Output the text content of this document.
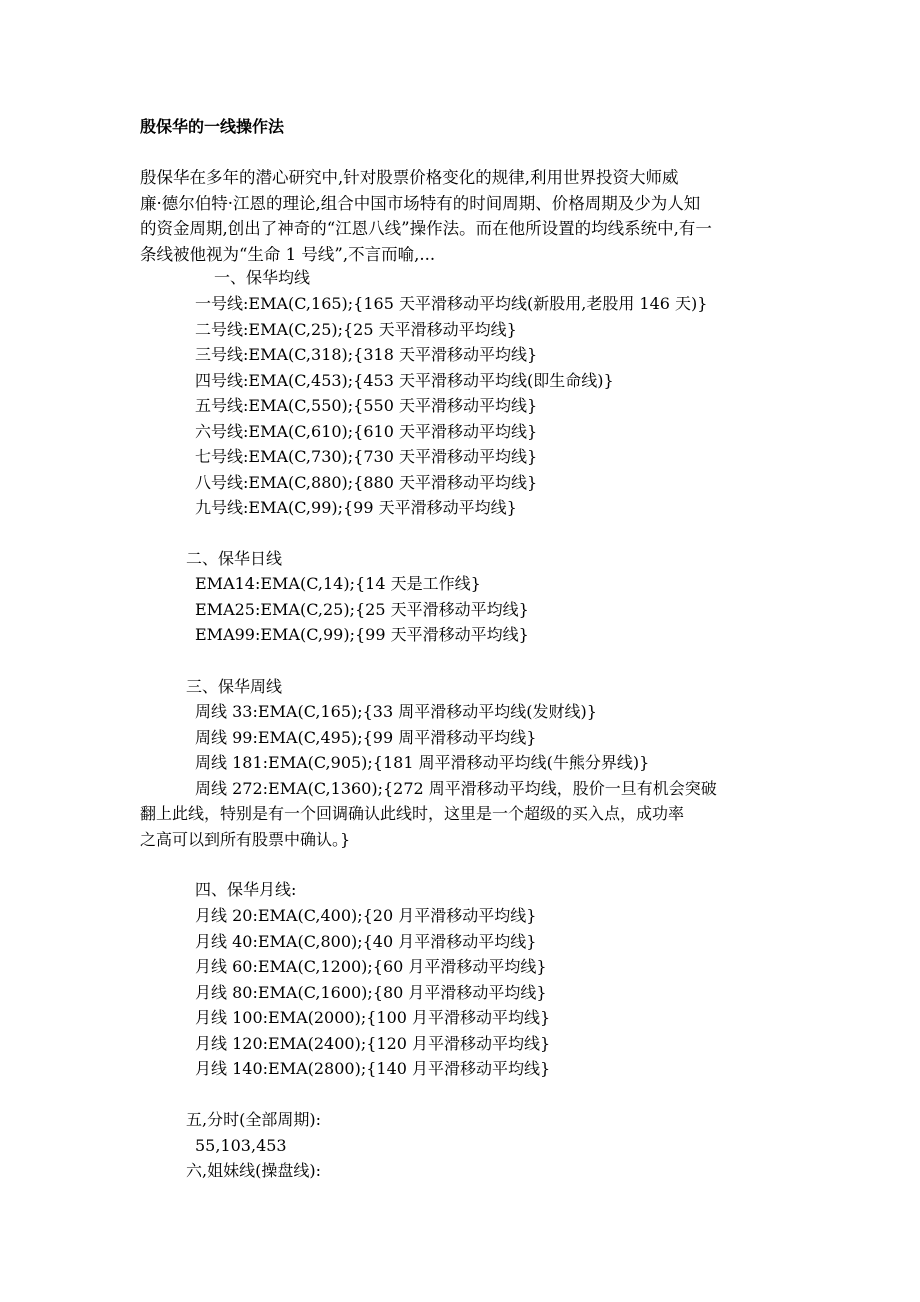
殷保华的一线操作法
殷保华在多年的潜心研究中,针对股票价格变化的规律,利用世界投资大师威
廉·德尔伯特·江恩的理论,组合中国市场特有的时间周期、价格周期及少为人知
的资金周期,创出了神奇的“江恩八线”操作法。而在他所设置的均线系统中,有一
条线被他视为“生命 1 号线”,不言而喻,...
一、保华均线
一号线:EMA(C,165);{165 天平滑移动平均线(新股用,老股用 146 天)}
二号线:EMA(C,25);{25 天平滑移动平均线}
三号线:EMA(C,318);{318 天平滑移动平均线}
四号线:EMA(C,453);{453 天平滑移动平均线(即生命线)}
五号线:EMA(C,550);{550 天平滑移动平均线}
六号线:EMA(C,610);{610 天平滑移动平均线}
七号线:EMA(C,730);{730 天平滑移动平均线}
八号线:EMA(C,880);{880 天平滑移动平均线}
九号线:EMA(C,99);{99 天平滑移动平均线}
二、保华日线
EMA14:EMA(C,14);{14 天是工作线}
EMA25:EMA(C,25);{25 天平滑移动平均线}
EMA99:EMA(C,99);{99 天平滑移动平均线}
三、保华周线
周线 33:EMA(C,165);{33 周平滑移动平均线(发财线)}
周线 99:EMA(C,495);{99 周平滑移动平均线}
周线 181:EMA(C,905);{181 周平滑移动平均线(牛熊分界线)}
周线 272:EMA(C,1360);{272 周平滑移动平均线，股价一旦有机会突破
翻上此线，特别是有一个回调确认此线时，这里是一个超级的买入点，成功率
之高可以到所有股票中确认。}
四、保华月线:
月线 20:EMA(C,400);{20 月平滑移动平均线}
月线 40:EMA(C,800);{40 月平滑移动平均线}
月线 60:EMA(C,1200);{60 月平滑移动平均线}
月线 80:EMA(C,1600);{80 月平滑移动平均线}
月线 100:EMA(2000);{100 月平滑移动平均线}
月线 120:EMA(2400);{120 月平滑移动平均线}
月线 140:EMA(2800);{140 月平滑移动平均线}
五,分时(全部周期):
55,103,453
六,姐妹线(操盘线):
